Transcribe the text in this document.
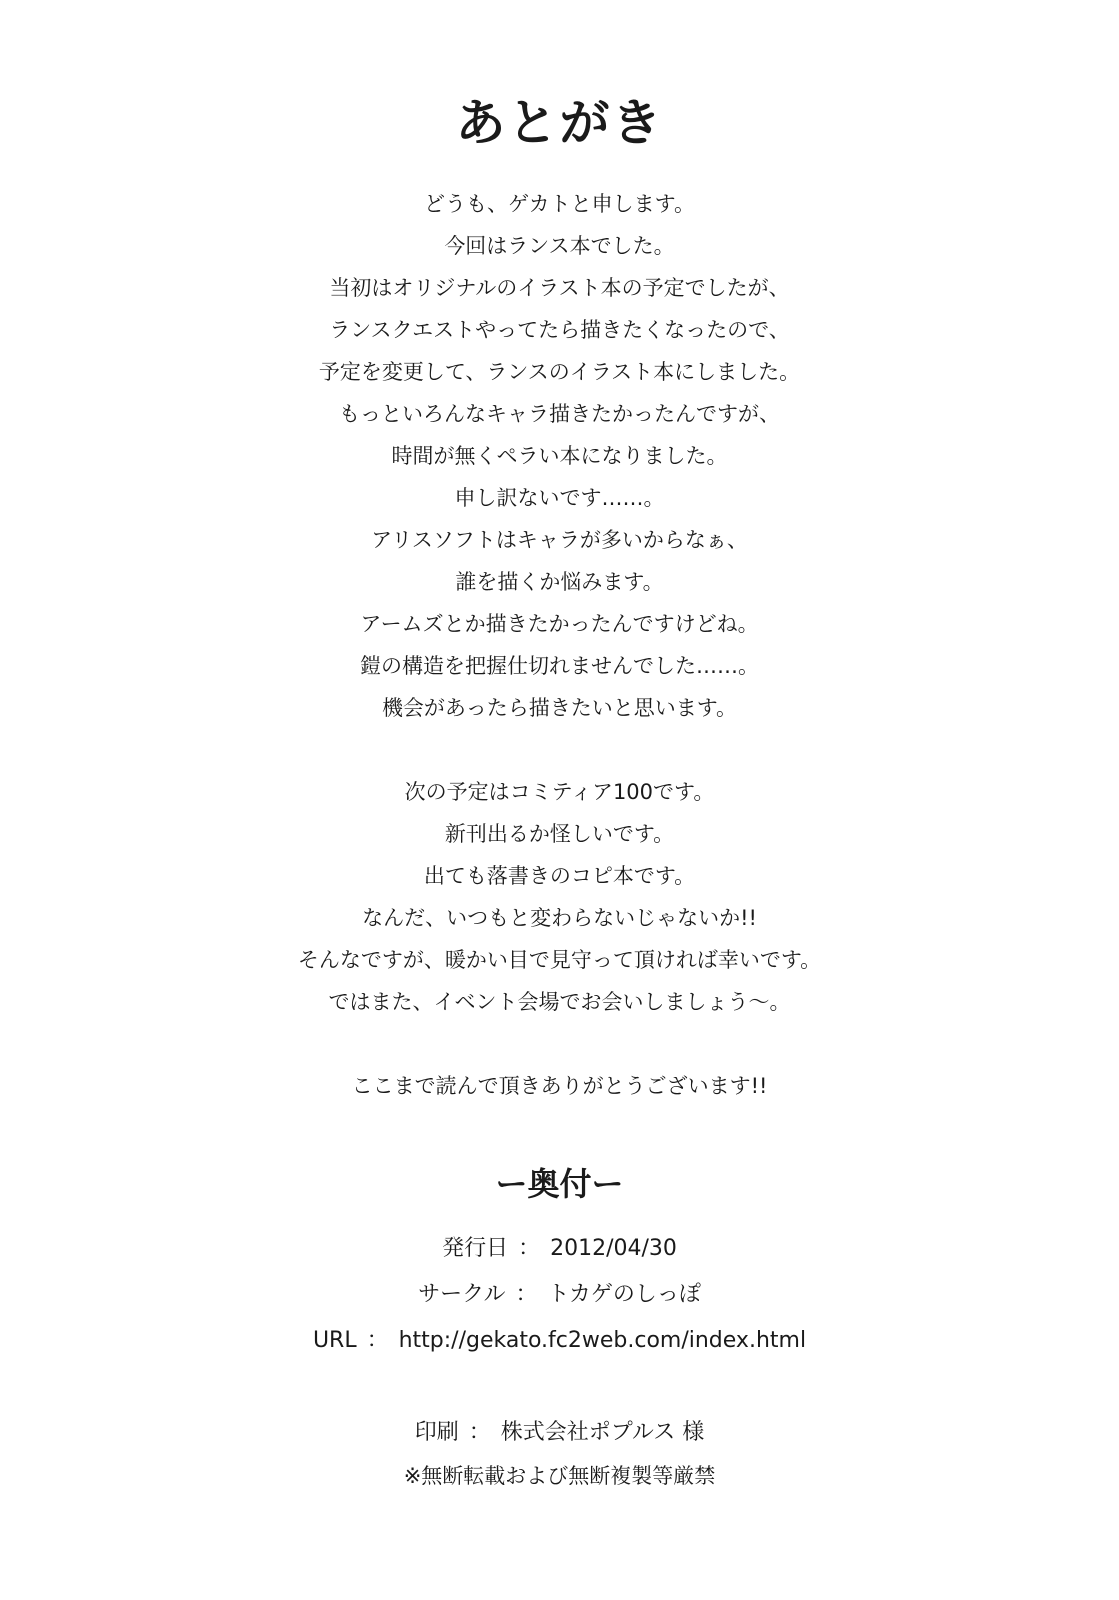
あとがき
どうも、ゲカトと申します。
今回はランス本でした。
当初はオリジナルのイラスト本の予定でしたが、
ランスクエストやってたら描きたくなったので、
予定を変更して、ランスのイラスト本にしました。
もっといろんなキャラ描きたかったんですが、
時間が無くペラい本になりました。
申し訳ないです……。
アリスソフトはキャラが多いからなぁ、
誰を描くか悩みます。
アームズとか描きたかったんですけどね。
鎧の構造を把握仕切れませんでした……。
機会があったら描きたいと思います。
次の予定はコミティア100です。
新刊出るか怪しいです。
出ても落書きのコピ本です。
なんだ、いつもと変わらないじゃないか!!
そんなですが、暖かい目で見守って頂ければ幸いです。
ではまた、イベント会場でお会いしましょう～。
ここまで読んで頂きありがとうございます!!
ー奥付ー
発行日 ： 2012/04/30
サークル ： トカゲのしっぽ
URL ： http://gekato.fc2web.com/index.html
印刷 ： 株式会社ポプルス 様
※無断転載および無断複製等厳禁
